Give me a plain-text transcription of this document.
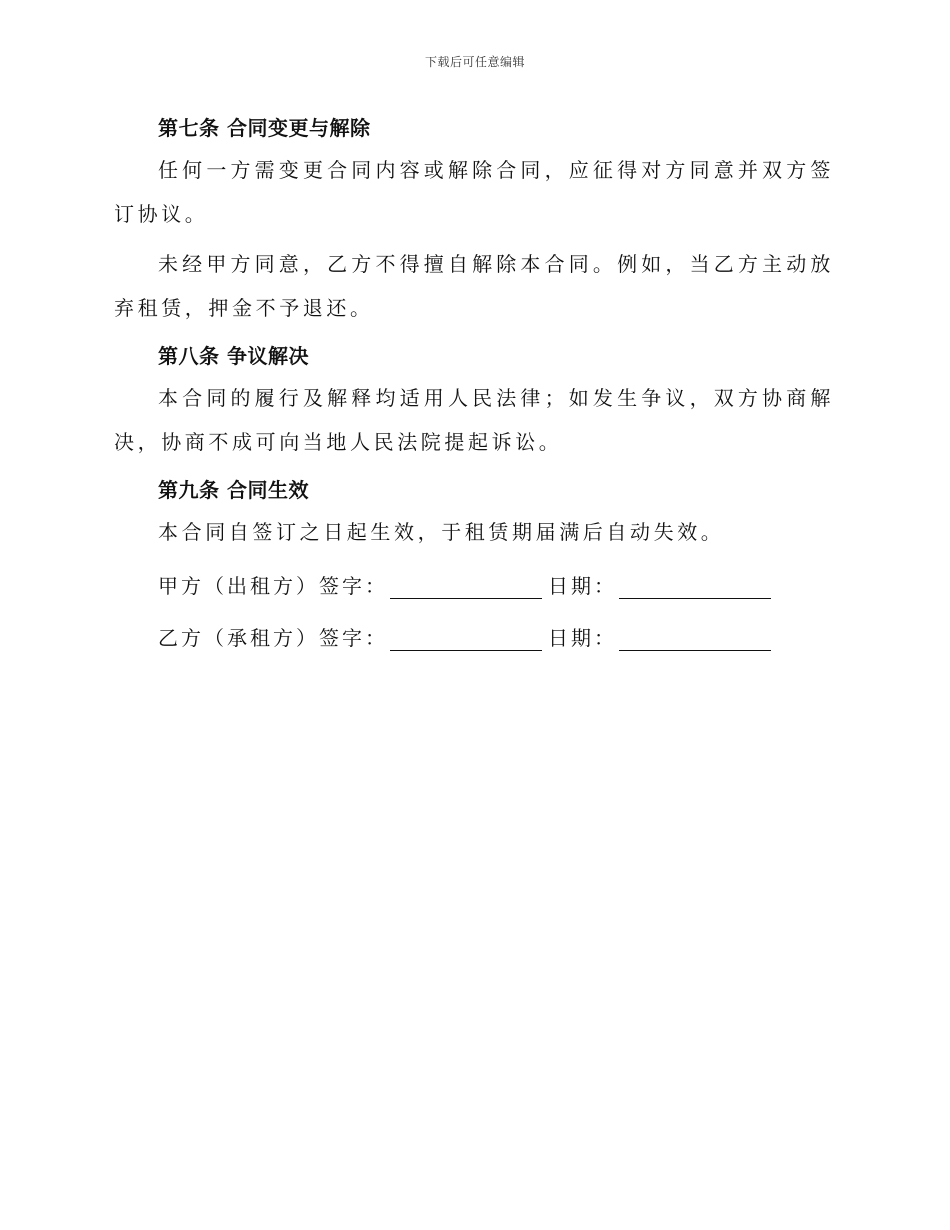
下载后可任意编辑
第七条 合同变更与解除

任何一方需变更合同内容或解除合同，应征得对方同意并双方签订协议。

未经甲方同意，乙方不得擅自解除本合同。例如，当乙方主动放弃租赁，押金不予退还。

第八条 争议解决

本合同的履行及解释均适用人民法律；如发生争议，双方协商解决，协商不成可向当地人民法院提起诉讼。

第九条 合同生效

本合同自签订之日起生效，于租赁期届满后自动失效。

甲方（出租方）签字：	日期：
乙方（承租方）签字：	日期：
